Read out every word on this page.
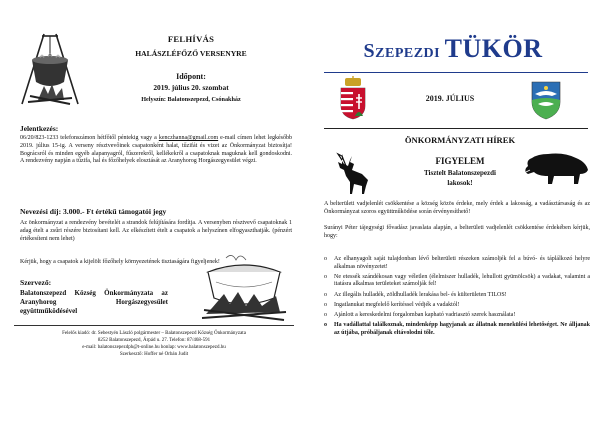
FELHÍVÁS
HALÁSZLÉFŐZŐ VERSENYRE
Időpont:
2019. július 20. szombat
Helyszín: Balatonszepezd, Csónakház
Jelentkezés:
06/20/823-1233 telefonszámon hétfőtől péntekig vagy a kenczhanna@gmail.com e-mail címen lehet legkésőbb 2019. július 15-ig. A verseny résztvevőinek csapatonként halat, tűzifát és vizet az Önkormányzat biztosítja! Bográcsról és minden egyéb alapanyagról, fűszerekről, kellékekről a csapatoknak maguknak kell gondoskodni. A rendezvény napján a tűzifa, hal és főzőhelyek elosztását az Aranyhorog Horgászegyesület végzi.
Nevezési díj: 3.000.- Ft értékű támogatói jegy
Az önkormányzat a rendezvény bevételét a strandok felújítására fordítja. A versenyben résztvevő csapatoknak 1 adag ételt a zsűri részére biztosítani kell. Az elkészített ételt a csapatok a helyszínen elfogyaszthatják. (pénzért értékesíteni nem lehet)
Kérjük, hogy a csapatok a kijelölt főzőhely környezetének tisztaságára figyeljenek!
Szervező:
Balatonszepezd Község Önkormányzata az Aranyhorog Horgászegyesület együttműködésével
Felelős kiadó: dr. Sebestyén László polgármester – Balatonszepezd Község Önkormányzata
8252 Balatonszepezd, Árpád u. 27. Telefon: 87/468-591
e-mail: balatonszepezdph@t-online.hu honlap: www.balatonszepezd.hu
Szerkesztő: Hoffer né Orbán Judit
Szepezdi TÜKÖR
2019. JÚLIUS
ÖNKORMÁNYZATI HÍREK
FIGYELEM
Tisztelt Balatonszepezdi
lakosok!
A belterületi vadjelenlét csökkentése a község közös érdeke, mely érdek a lakosság, a vadásztársaság és az Önkormányzat szoros együttműködése során érvényesíthető!
Surányi Péter tájegységi fővadász javaslata alapján, a belterületi vadjelenlét csökkentése érdekében kérjük, hogy:
o Az elhanyagolt saját tulajdonban lévő belterületi részeken számoljék fel a búvó- és táplálkozó helyre alkalmas növényzetet!
o Ne etessék szándékosan vagy véletlen (élelmiszer hulladék, lehullott gyümölcsök) a vadakat, valamint a itatásra alkalmas területeket számolják fel!
o Az illegális hulladék, zöldhulladék lerakása bel- és külterületen TILOS!
o Ingatlanukat megfelelő kerítéssel védjék a vadaktól!
o Ajánlott a kereskedelmi forgalomban kapható vadriasztó szerek használata!
o Ha vadállattal találkoznak, mindenképp hagyjanak az állatnak menekülési lehetőséget. Ne álljanak az útjába, próbáljanak eltávolodni tőle.
